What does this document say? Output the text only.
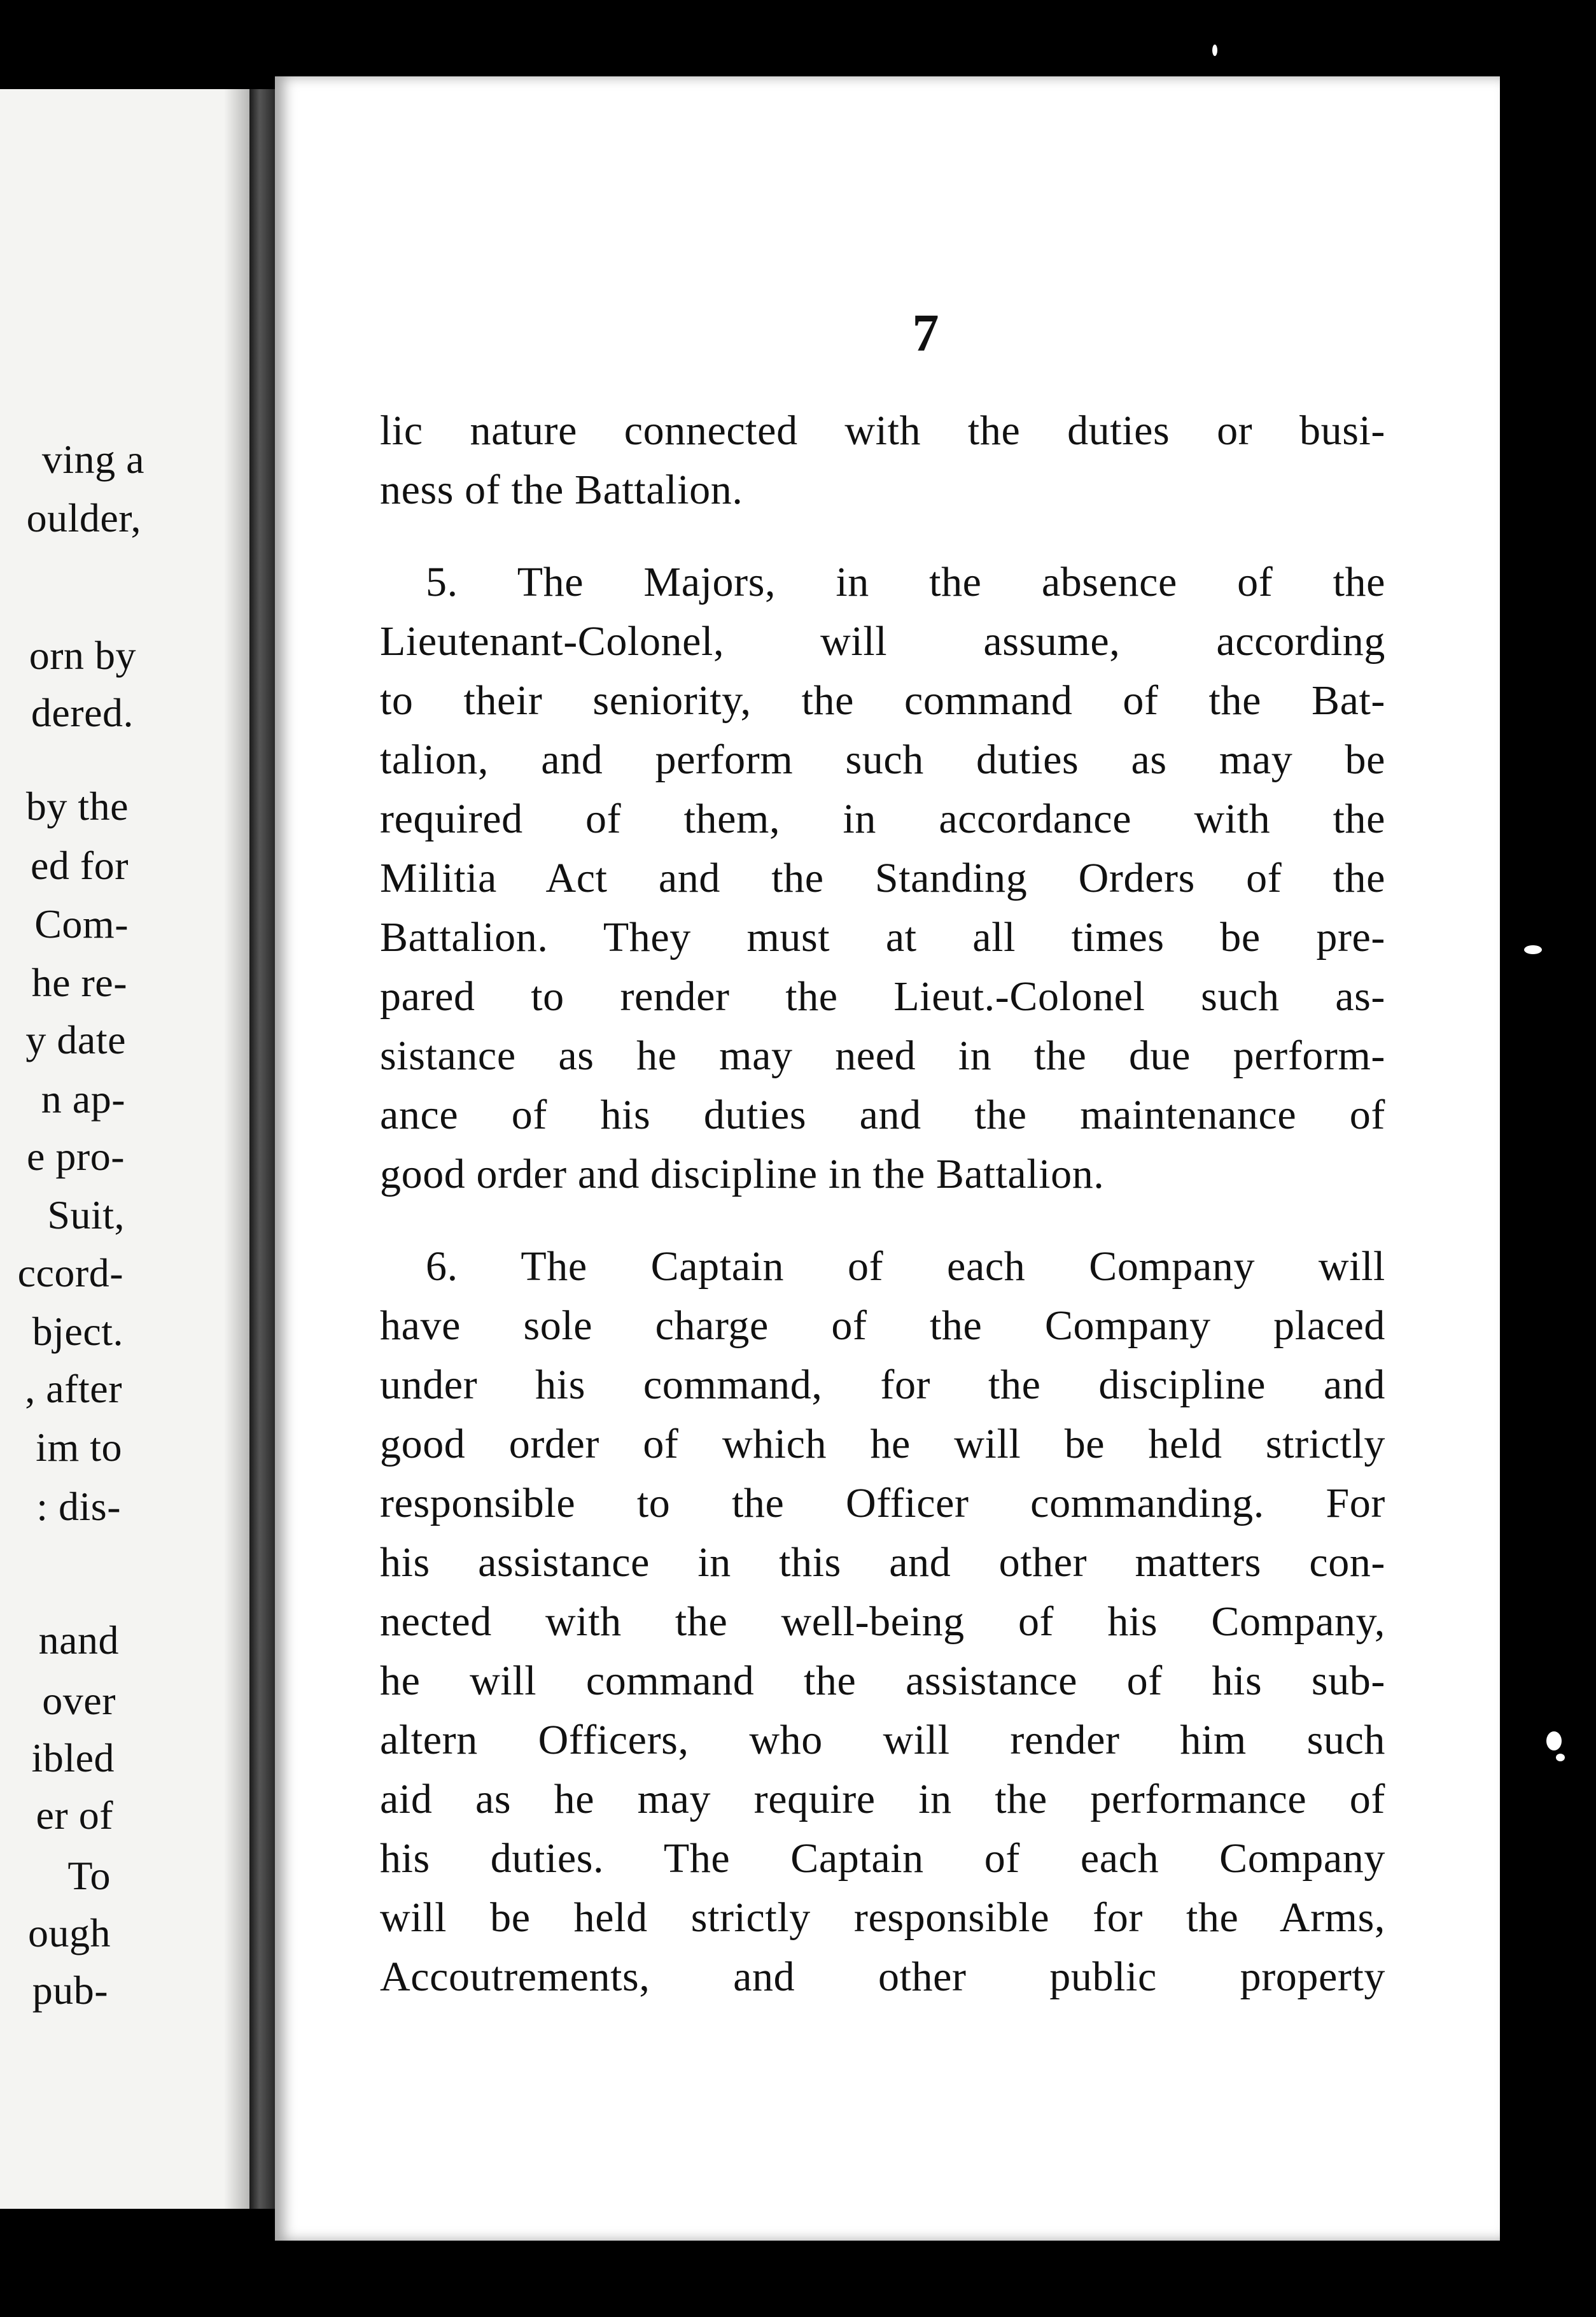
ving a
oulder,
orn by
dered.
by the
ed for
Com-
he re-
y date
n ap-
e pro-
Suit,
ccord-
bject.
, after
im to
: dis-
nand
over
ibled
er of
To
ough
pub-
7
lic nature connected with the duties or busi-
ness of the Battalion.
5. The Majors, in the absence of the
Lieutenant-Colonel, will assume, according
to their seniority, the command of the Bat-
talion, and perform such duties as may be
required of them, in accordance with the
Militia Act and the Standing Orders of the
Battalion. They must at all times be pre-
pared to render the Lieut.-Colonel such as-
sistance as he may need in the due perform-
ance of his duties and the maintenance of
good order and discipline in the Battalion.
6. The Captain of each Company will
have sole charge of the Company placed
under his command, for the discipline and
good order of which he will be held strictly
responsible to the Officer commanding. For
his assistance in this and other matters con-
nected with the well-being of his Company,
he will command the assistance of his sub-
altern Officers, who will render him such
aid as he may require in the performance of
his duties. The Captain of each Company
will be held strictly responsible for the Arms,
Accoutrements, and other public property
